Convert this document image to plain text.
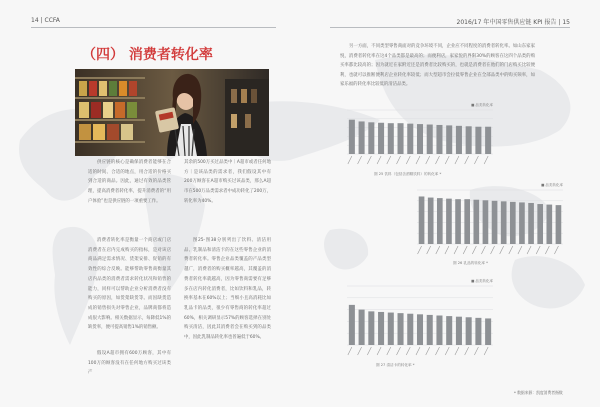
14 | CCFA	2016/17 年中国零售供应链 KPI 报告 | 15
（四） 消费者转化率
供应链的核心是确保消费者能够在合适的时间、合适的地点，用合适的价格买到合适的商品。因此，通过有效的品类管理，提高消费者转化率，提升消费者的“用户体验”也是供应链的一项重要工作。
消费者转化率是衡量一个商店或门店消费者在店内完成购买的指标，是对该店商品满足需求情况、货架安排、促销的有效性的综合反映。能够帮助零售商衡量其店内品类的消费者需求转化状况和销售的能力，同样可以帮助企业分析消费者没有购买的原因，如货架缺货等。而因缺货造成的销售损失对零售企业，品牌商都将造成很大影响。相关数据显示，每降低1%的缺货率，便可提高销售1%的销售额。
假设A超市拥有600万顾客，其中有100万的顾客没有在任何地方购买过该类产
其余的500万买过品类中｜A超市或者任何地方｜是该品类的需求者，我们假设其中有200万顾客在A超市购买过该品类，那么A超市在500万品类需求者中成功转化了200万，转化率为40%。
图25-图38分别列出了饮料、清洁用品、乳制品和清洁卡的在这些零售企业的消费者转化率。零售企业品类覆盖的产品类型越广，消费者的购买概率越高，其覆盖的消费者转化率就越高，因为零售商需要有足够多在店内转化消费者，比如饮料和乳品，转换率基本在60%以上；当细小且高消耗比如乳品卡的品类，很少有零售商的转化率超过60%，相关调研显示57%的顾客选择在别处购买清洁，因此其消费者会在购买到的品类中，因此乳制品转化率也普遍低于60%。
另一方面，不同类型零售商面对的竞争环境不同，企业应不同程度的消费者转化率。如山东家家悦，消费者转化率在这4个品类都是最高的；而便利店，家家悦的界限30%的顾客在这四个品类的购买率都比较高的；因为就近在家附近还是消费者比较购买的，也就是消费者在他们的门店购买比较便利，也就可以推断便利店企业转化率较低；而大型超市会拉低零售企业在全部品类中的购买频率，如家乐福的转化率比较低的清洁品类。
■ 品类转化率
图 25 饮料（包括含酒精饮料）的转化率 *
■ 品类转化率
图 26 乳品的转化率 *
■ 品类转化率
图 27 清洁卡的转化率 *
* 数据来源：凯度消费者指数
